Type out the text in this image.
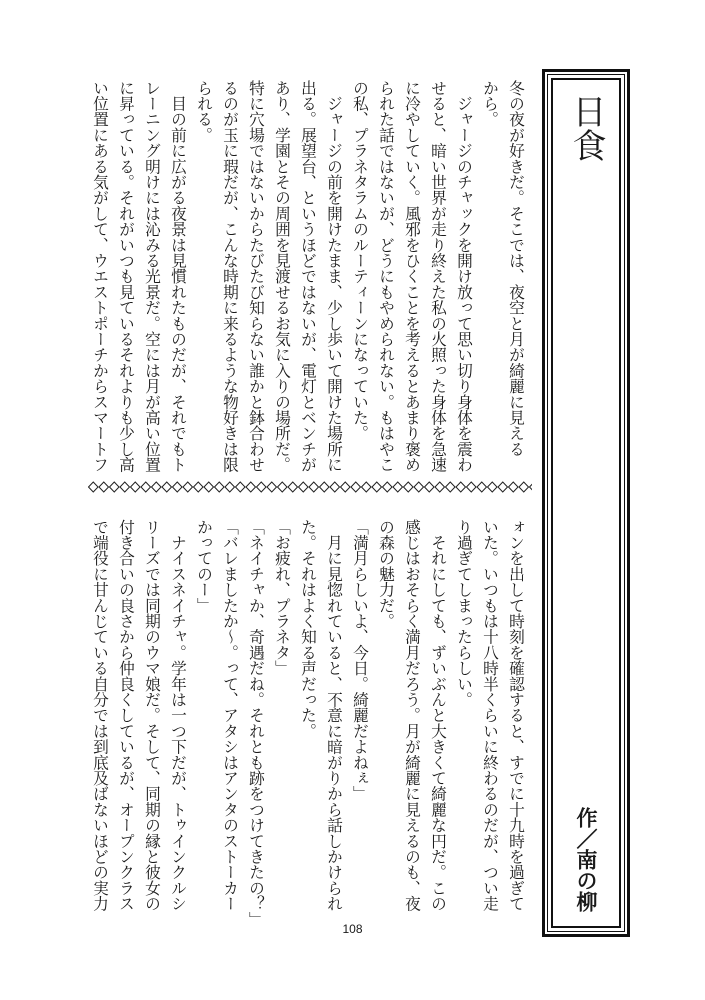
日食
作／南の柳

冬の夜が好きだ。そこでは、夜空と月が綺麗に見える

から。

　ジャージのチャックを開け放って思い切り身体を震わ

せると、暗い世界が走り終えた私の火照った身体を急速

に冷やしていく。風邪をひくことを考えるとあまり褒め

られた話ではないが、どうにもやめられない。もはやこ

の私、プラネタラムのルーティーンになっていた。

　ジャージの前を開けたまま、少し歩いて開けた場所に

出る。展望台、というほどではないが、電灯とベンチが

あり、学園とその周囲を見渡せるお気に入りの場所だ。

特に穴場ではないからたびたび知らない誰かと鉢合わせ

るのが玉に瑕だが、こんな時期に来るような物好きは限

られる。

　目の前に広がる夜景は見慣れたものだが、それでもト

レーニング明けには沁みる光景だ。空には月が高い位置

に昇っている。それがいつも見ているそれよりも少し高

い位置にある気がして、ウエストポーチからスマートフ

ォンを出して時刻を確認すると、すでに十九時を過ぎて

いた。いつもは十八時半くらいに終わるのだが、つい走

り過ぎてしまったらしい。

　それにしても、ずいぶんと大きくて綺麗な円だ。この

感じはおそらく満月だろう。月が綺麗に見えるのも、夜

の森の魅力だ。

「満月らしいよ、今日。綺麗だよねぇ」

　月に見惚れていると、不意に暗がりから話しかけられ

た。それはよく知る声だった。

「お疲れ、プラネタ」

「ネイチャか、奇遇だね。それとも跡をつけてきたの？」

「バレましたか〜。って、アタシはアンタのストーカー

かってのー」

　ナイスネイチャ。学年は一つ下だが、トゥインクルシ

リーズでは同期のウマ娘だ。そして、同期の縁と彼女の

付き合いの良さから仲良くしているが、オープンクラス

で端役に甘んじている自分では到底及ばないほどの実力

108
